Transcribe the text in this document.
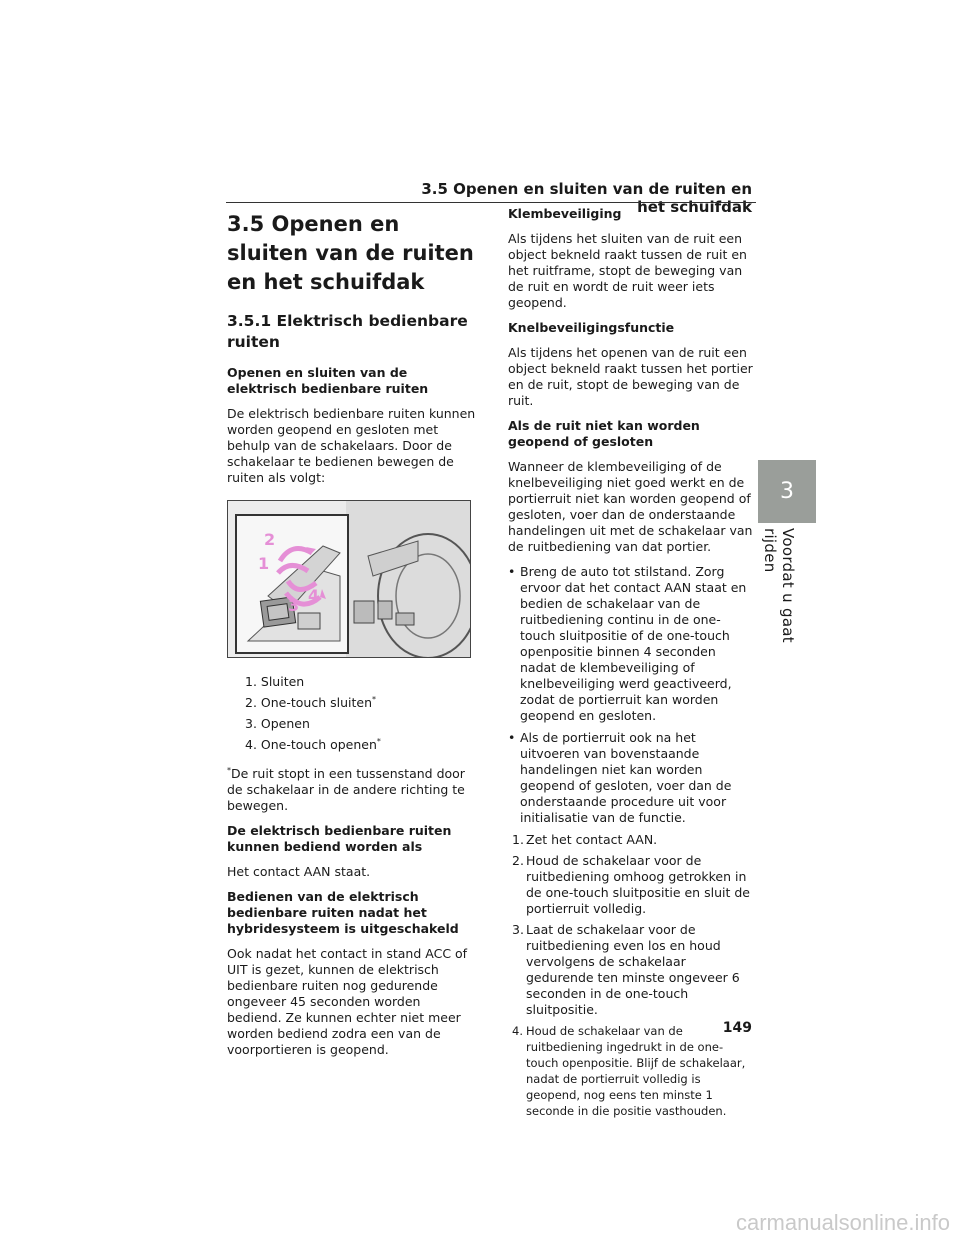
3.5 Openen en sluiten van de ruiten en het schuifdak
3
Voordat u gaat rijden
3.5 Openen en sluiten van de ruiten en het schuifdak
3.5.1 Elektrisch bedienbare ruiten

Openen en sluiten van de elektrisch bedienbare ruiten

De elektrisch bedienbare ruiten kunnen worden geopend en gesloten met behulp van de schakelaars. Door de schakelaar te bedienen bewegen de ruiten als volgt:

2
1
3
4
1. Sluiten
2. One-touch sluiten*
3. Openen
4. One-touch openen*

*De ruit stopt in een tussenstand door de schakelaar in de andere richting te bewegen.

De elektrisch bedienbare ruiten kunnen bediend worden als

Het contact AAN staat.

Bedienen van de elektrisch bedienbare ruiten nadat het hybridesysteem is uitgeschakeld

Ook nadat het contact in stand ACC of UIT is gezet, kunnen de elektrisch bedienbare ruiten nog gedurende ongeveer 45 seconden worden bediend. Ze kunnen echter niet meer worden bediend zodra een van de voorportieren is geopend.

Klembeveiliging

Als tijdens het sluiten van de ruit een object bekneld raakt tussen de ruit en het ruitframe, stopt de beweging van de ruit en wordt de ruit weer iets geopend.

Knelbeveiligingsfunctie

Als tijdens het openen van de ruit een object bekneld raakt tussen het portier en de ruit, stopt de beweging van de ruit.

Als de ruit niet kan worden geopend of gesloten

Wanneer de klembeveiliging of de knelbeveiliging niet goed werkt en de portierruit niet kan worden geopend of gesloten, voer dan de onderstaande handelingen uit met de schakelaar van de ruitbediening van dat portier.

• Breng de auto tot stilstand. Zorg ervoor dat het contact AAN staat en bedien de schakelaar van de ruitbediening continu in de one-touch sluitpositie of de one-touch openpositie binnen 4 seconden nadat de klembeveiliging of knelbeveiliging werd geactiveerd, zodat de portierruit kan worden geopend en gesloten.
• Als de portierruit ook na het uitvoeren van bovenstaande handelingen niet kan worden geopend of gesloten, voer dan de onderstaande procedure uit voor initialisatie van de functie.
1. Zet het contact AAN.
2. Houd de schakelaar voor de ruitbediening omhoog getrokken in de one-touch sluitpositie en sluit de portierruit volledig.
3. Laat de schakelaar voor de ruitbediening even los en houd vervolgens de schakelaar gedurende ten minste ongeveer 6 seconden in de one-touch sluitpositie.
4. Houd de schakelaar van de ruitbediening ingedrukt in de one-touch openpositie. Blijf de schakelaar, nadat de portierruit volledig is geopend, nog eens ten minste 1 seconde in die positie vasthouden.
149
carmanualsonline.info
